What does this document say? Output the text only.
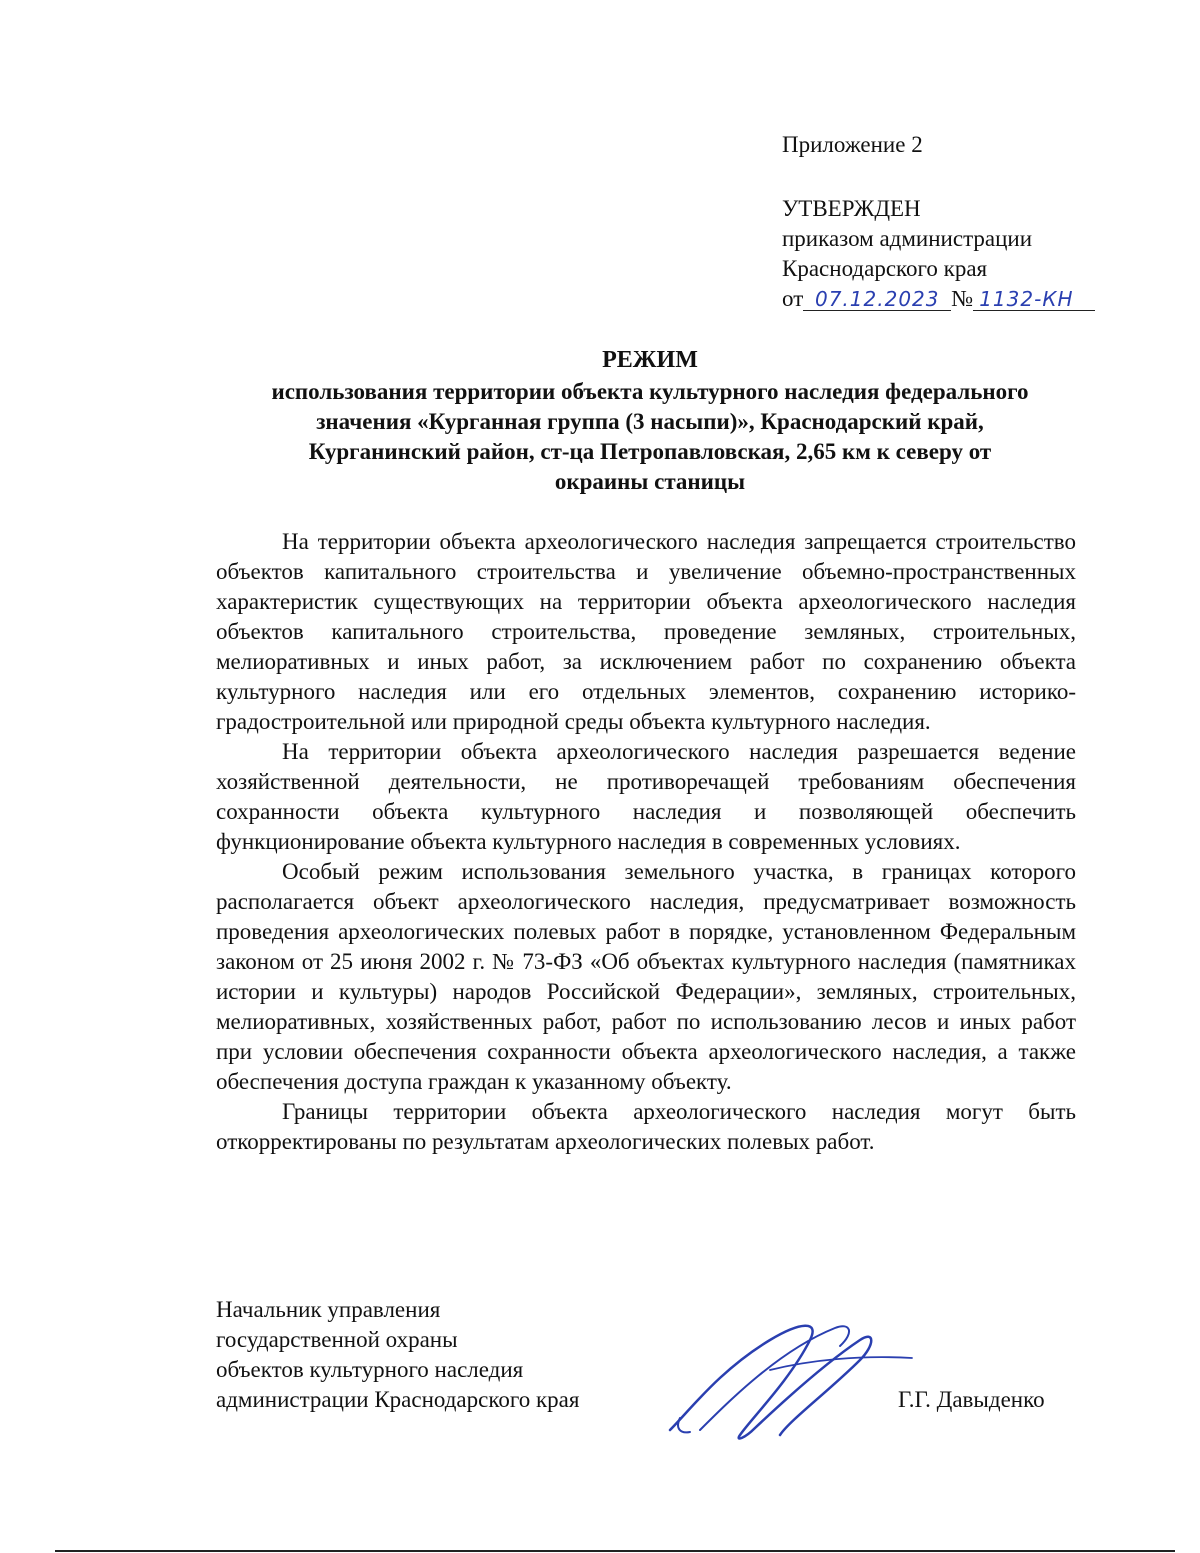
Приложение 2
УТВЕРЖДЕН
приказом администрации
Краснодарского края
от 07.12.2023 № 1132-КН
РЕЖИМ
использования территории объекта культурного наследия федерального
значения «Курганная группа (3 насыпи)», Краснодарский край,
Курганинский район, ст-ца Петропавловская, 2,65 км к северу от
окраины станицы

На территории объекта археологического наследия запрещается строительство объектов капитального строительства и увеличение объемно-пространственных характеристик существующих на территории объекта археологического наследия объектов капитального строительства, проведение земляных, строительных, мелиоративных и иных работ, за исключением работ по сохранению объекта культурного наследия или его отдельных элементов, сохранению историко-градостроительной или природной среды объекта культурного наследия.

На территории объекта археологического наследия разрешается ведение хозяйственной деятельности, не противоречащей требованиям обеспечения сохранности объекта культурного наследия и позволяющей обеспечить функционирование объекта культурного наследия в современных условиях.

Особый режим использования земельного участка, в границах которого располагается объект археологического наследия, предусматривает возможность проведения археологических полевых работ в порядке, установленном Федеральным законом от 25 июня 2002 г. № 73-ФЗ «Об объектах культурного наследия (памятниках истории и культуры) народов Российской Федерации», земляных, строительных, мелиоративных, хозяйственных работ, работ по использованию лесов и иных работ при условии обеспечения сохранности объекта археологического наследия, а также обеспечения доступа граждан к указанному объекту.

Границы территории объекта археологического наследия могут быть откорректированы по результатам археологических полевых работ.

Начальник управления
государственной охраны
объектов культурного наследия
администрации Краснодарского края	Г.Г. Давыденко
